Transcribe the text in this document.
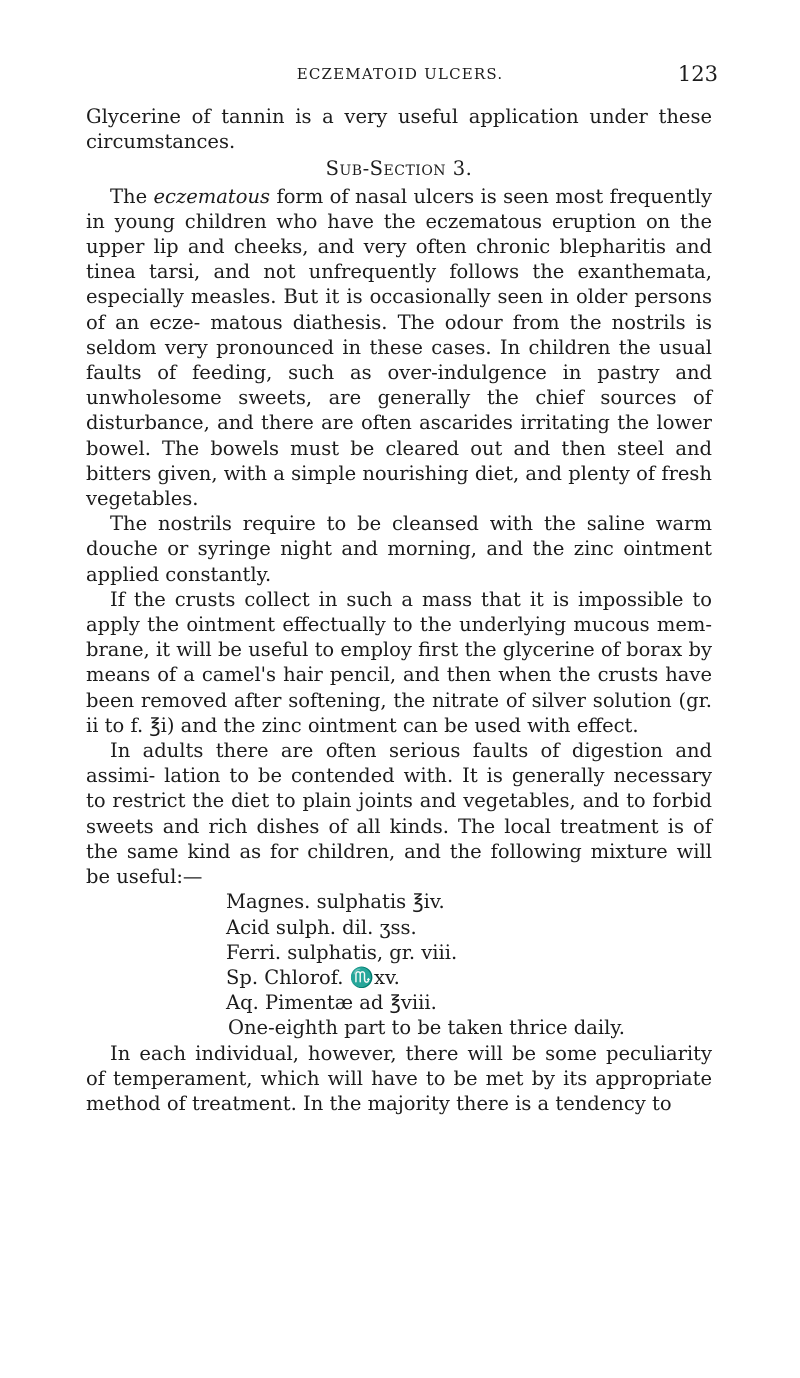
ECZEMATOID ULCERS.	123

Glycerine of tannin is a very useful application under these circumstances.

Sub-Section 3.

The eczematous form of nasal ulcers is seen most frequently in young children who have the eczematous eruption on the upper lip and cheeks, and very often chronic blepharitis and tinea tarsi, and not unfrequently follows the exanthemata, especially measles. But it is occasionally seen in older persons of an ecze- matous diathesis. The odour from the nostrils is seldom very pronounced in these cases. In children the usual faults of feeding, such as over-indulgence in pastry and unwholesome sweets, are generally the chief sources of disturbance, and there are often ascarides irritating the lower bowel. The bowels must be cleared out and then steel and bitters given, with a simple nourishing diet, and plenty of fresh vegetables.

The nostrils require to be cleansed with the saline warm douche or syringe night and morning, and the zinc ointment applied constantly.

If the crusts collect in such a mass that it is impossible to apply the ointment effectually to the underlying mucous mem- brane, it will be useful to employ first the glycerine of borax by means of a camel's hair pencil, and then when the crusts have been removed after softening, the nitrate of silver solution (gr. ii to f. ℥i) and the zinc ointment can be used with effect.

In adults there are often serious faults of digestion and assimi- lation to be contended with. It is generally necessary to restrict the diet to plain joints and vegetables, and to forbid sweets and rich dishes of all kinds. The local treatment is of the same kind as for children, and the following mixture will be useful:—

Magnes. sulphatis ℥iv.
Acid sulph. dil. ʒss.
Ferri. sulphatis, gr. viii.
Sp. Chlorof. ♏xv.
Aq. Pimentæ ad ℥viii.
One-eighth part to be taken thrice daily.

In each individual, however, there will be some peculiarity of temperament, which will have to be met by its appropriate method of treatment. In the majority there is a tendency to
